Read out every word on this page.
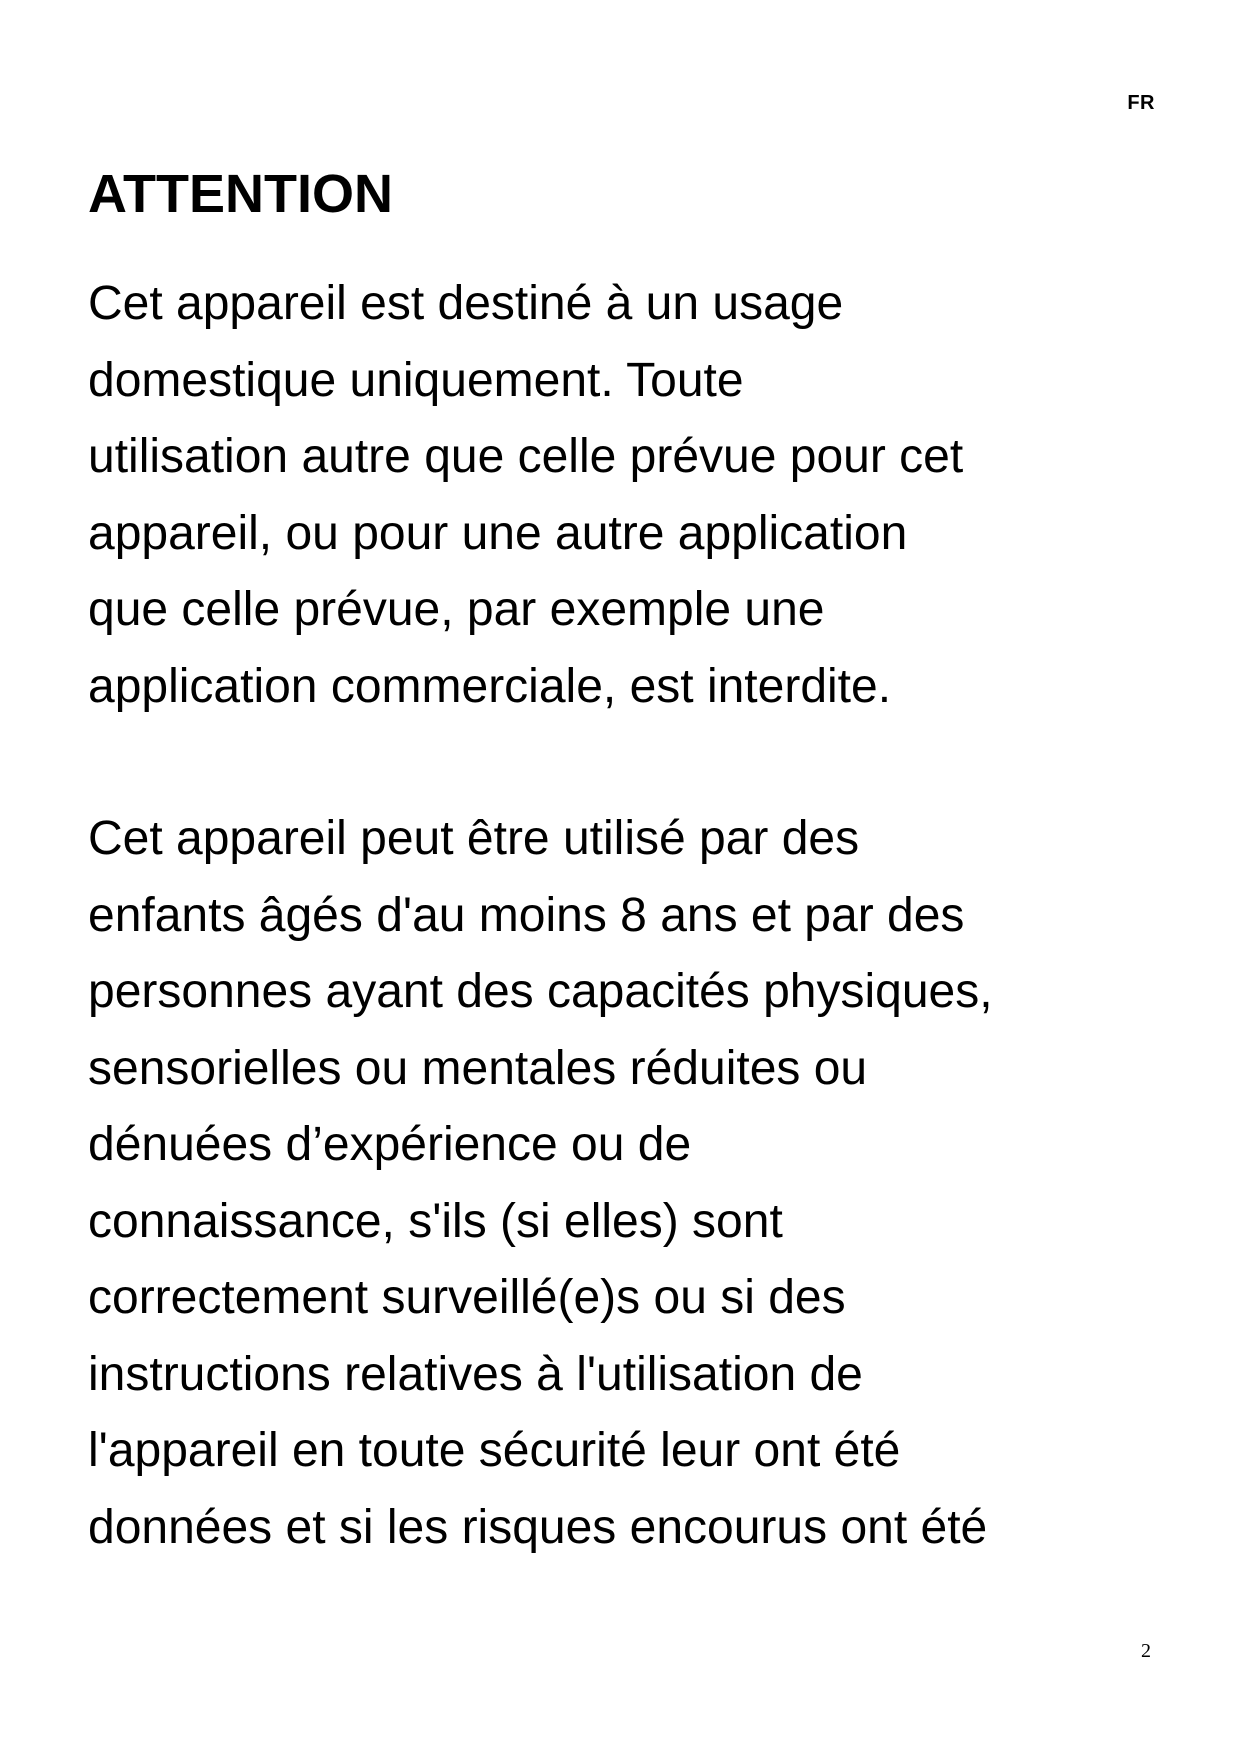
FR
ATTENTION

Cet appareil est destiné à un usage
domestique uniquement. Toute
utilisation autre que celle prévue pour cet
appareil, ou pour une autre application
que celle prévue, par exemple une
application commerciale, est interdite.

Cet appareil peut être utilisé par des
enfants âgés d'au moins 8 ans et par des
personnes ayant des capacités physiques,
sensorielles ou mentales réduites ou
dénuées d’expérience ou de
connaissance, s'ils (si elles) sont
correctement surveillé(e)s ou si des
instructions relatives à l'utilisation de
l'appareil en toute sécurité leur ont été
données et si les risques encourus ont été

2
